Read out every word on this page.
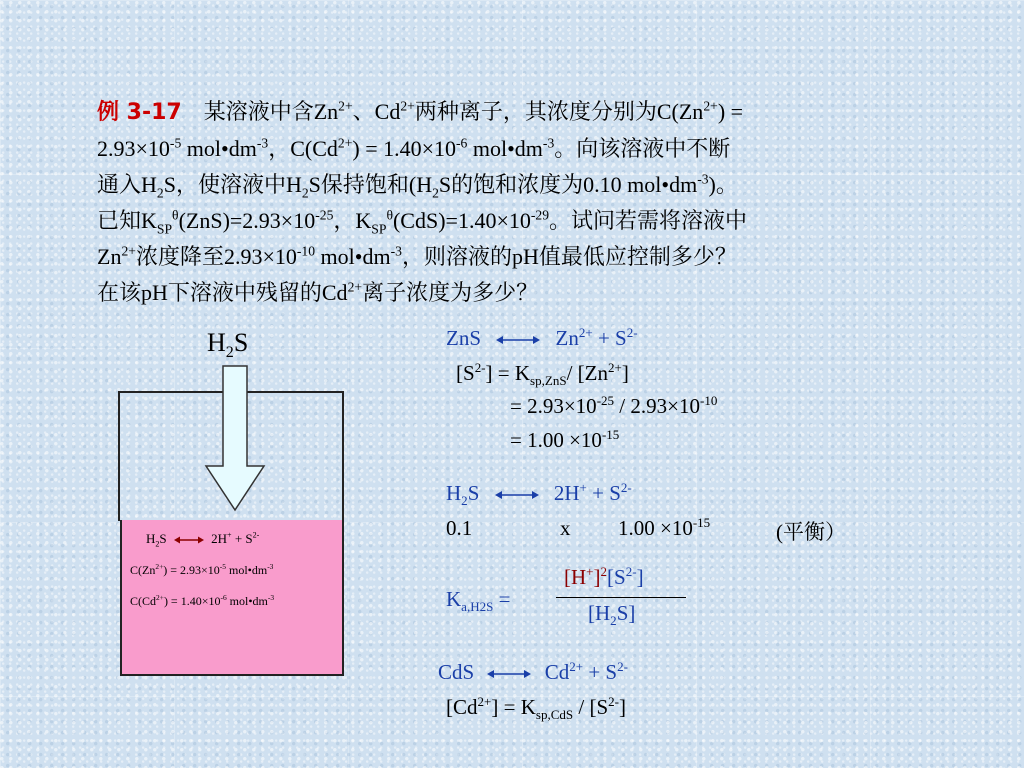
例 3-17 某溶液中含$Zn^{2+}$、$Cd^{2+}$两种离子，其浓度分别为$C(Zn^{2+})$ =
$2.93\times 10^{-5}$ $mol•dm^{-3}$，$C(Cd^{2+}) = 1.40\times 10^{-6}$ $mol•dm^{-3}$。向该溶液中不断
通入$H_2S$，使溶液中$H_2S$保持饱和($H_2S$的饱和浓度为0.10 $mol•dm^{-3}$)。
已知$K_{SP}^\theta(ZnS)=2.93\times 10^{-25}$，$K_{SP}^\theta(CdS)=1.40\times 10^{-29}$。试问若需将溶液中
$Zn^{2+}$浓度降至$2.93\times 10^{-10}$ $mol•dm^{-3}$，则溶液的pH值最低应控制多少？
在该pH下溶液中残留的$Cd^{2+}$离子浓度为多少？
$H_2S$
$H_2S$	$2H^+ + S^{2-}$
$C(Zn^{2+}) = 2.93\times 10^{-5}$ $mol•dm^{-3}$
$C(Cd^{2+}) = 1.40\times 10^{-6}$ $mol•dm^{-3}$
ZnS	$Zn^{2+} + S^{2-}$
$[S^{2-}] = K_{sp,ZnS}/$ $[Zn^{2+}]$
= $2.93\times 10^{-25} / 2.93\times 10^{-10}$
= $1.00 \times 10^{-15}$
$H_2S$	$2H^+ + S^{2-}$
0.1	x $1.00 \times 10^{-15}$	(平衡）
$K_{a,H2S}$ =
$[H^+]^2[S^{2-}]$
$[H_2S]$
CdS	$Cd^{2+} + S^{2-}$
$[Cd^{2+}] = K_{sp,CdS} / [S^{2-}]$
